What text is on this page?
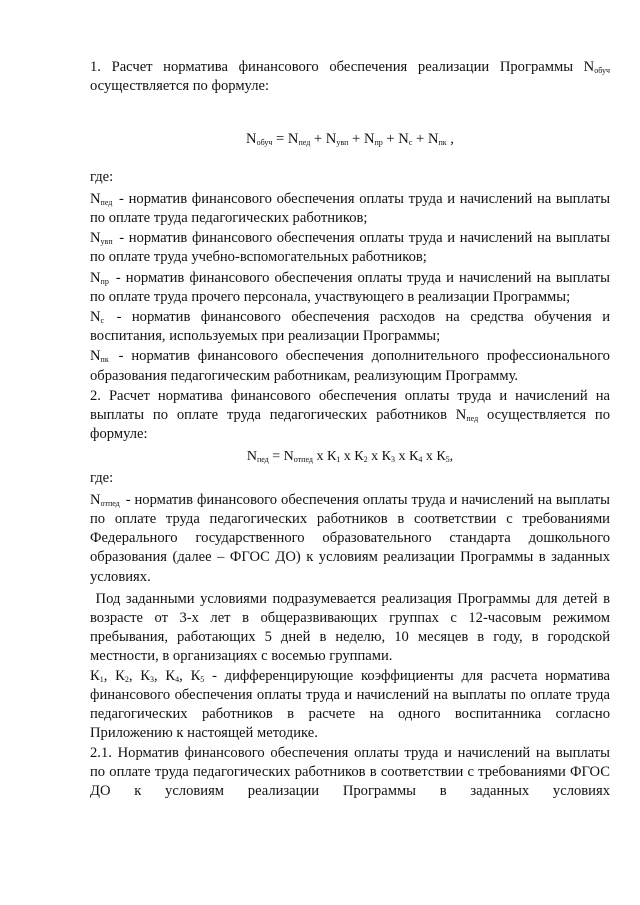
1. Расчет норматива финансового обеспечения реализации Программы $N_{обуч}$ осуществляется по формуле:

$N_{обуч} = N_{пед} + N_{увп} + N_{пр} + N_с + N_{пк}$ ,

где:

$N_{пед}$ - норматив финансового обеспечения оплаты труда и начислений на выплаты по оплате труда педагогических работников;

$N_{увп}$ - норматив финансового обеспечения оплаты труда и начислений на выплаты по оплате труда учебно-вспомогательных работников;

$N_{пр}$ - норматив финансового обеспечения оплаты труда и начислений на выплаты по оплате труда прочего персонала, участвующего в реализации Программы;

$N_с$ - норматив финансового обеспечения расходов на средства обучения и воспитания, используемых при реализации Программы;

$N_{пк}$ - норматив финансового обеспечения дополнительного профессионального образования педагогическим работникам, реализующим Программу.

2. Расчет норматива финансового обеспечения оплаты труда и начислений на выплаты по оплате труда педагогических работников $N_{пед}$ осуществляется по формуле:

$N_{пед} = N_{отпед}$ х $К_1$ х $К_2$ х $К_3$ х $К_4$ х $К_5$,

где:

$N_{отпед}$ - норматив финансового обеспечения оплаты труда и начислений на выплаты по оплате труда педагогических работников в соответствии с требованиями Федерального государственного образовательного стандарта дошкольного образования (далее – ФГОС ДО) к условиям реализации Программы в заданных условиях.

Под заданными условиями подразумевается реализация Программы для детей в возрасте от 3-х лет в общеразвивающих группах с 12-часовым режимом пребывания, работающих 5 дней в неделю, 10 месяцев в году, в городской местности, в организациях с восемью группами.

$К_1$, $К_2$, $К_3$, $К_4$, $К_5$ - дифференцирующие коэффициенты для расчета норматива финансового обеспечения оплаты труда и начислений на выплаты по оплате труда педагогических работников в расчете на одного воспитанника согласно Приложению к настоящей методике.

2.1. Норматив финансового обеспечения оплаты труда и начислений на выплаты по оплате труда педагогических работников в соответствии с требованиями ФГОС ДО к условиям реализации Программы в заданных условиях
